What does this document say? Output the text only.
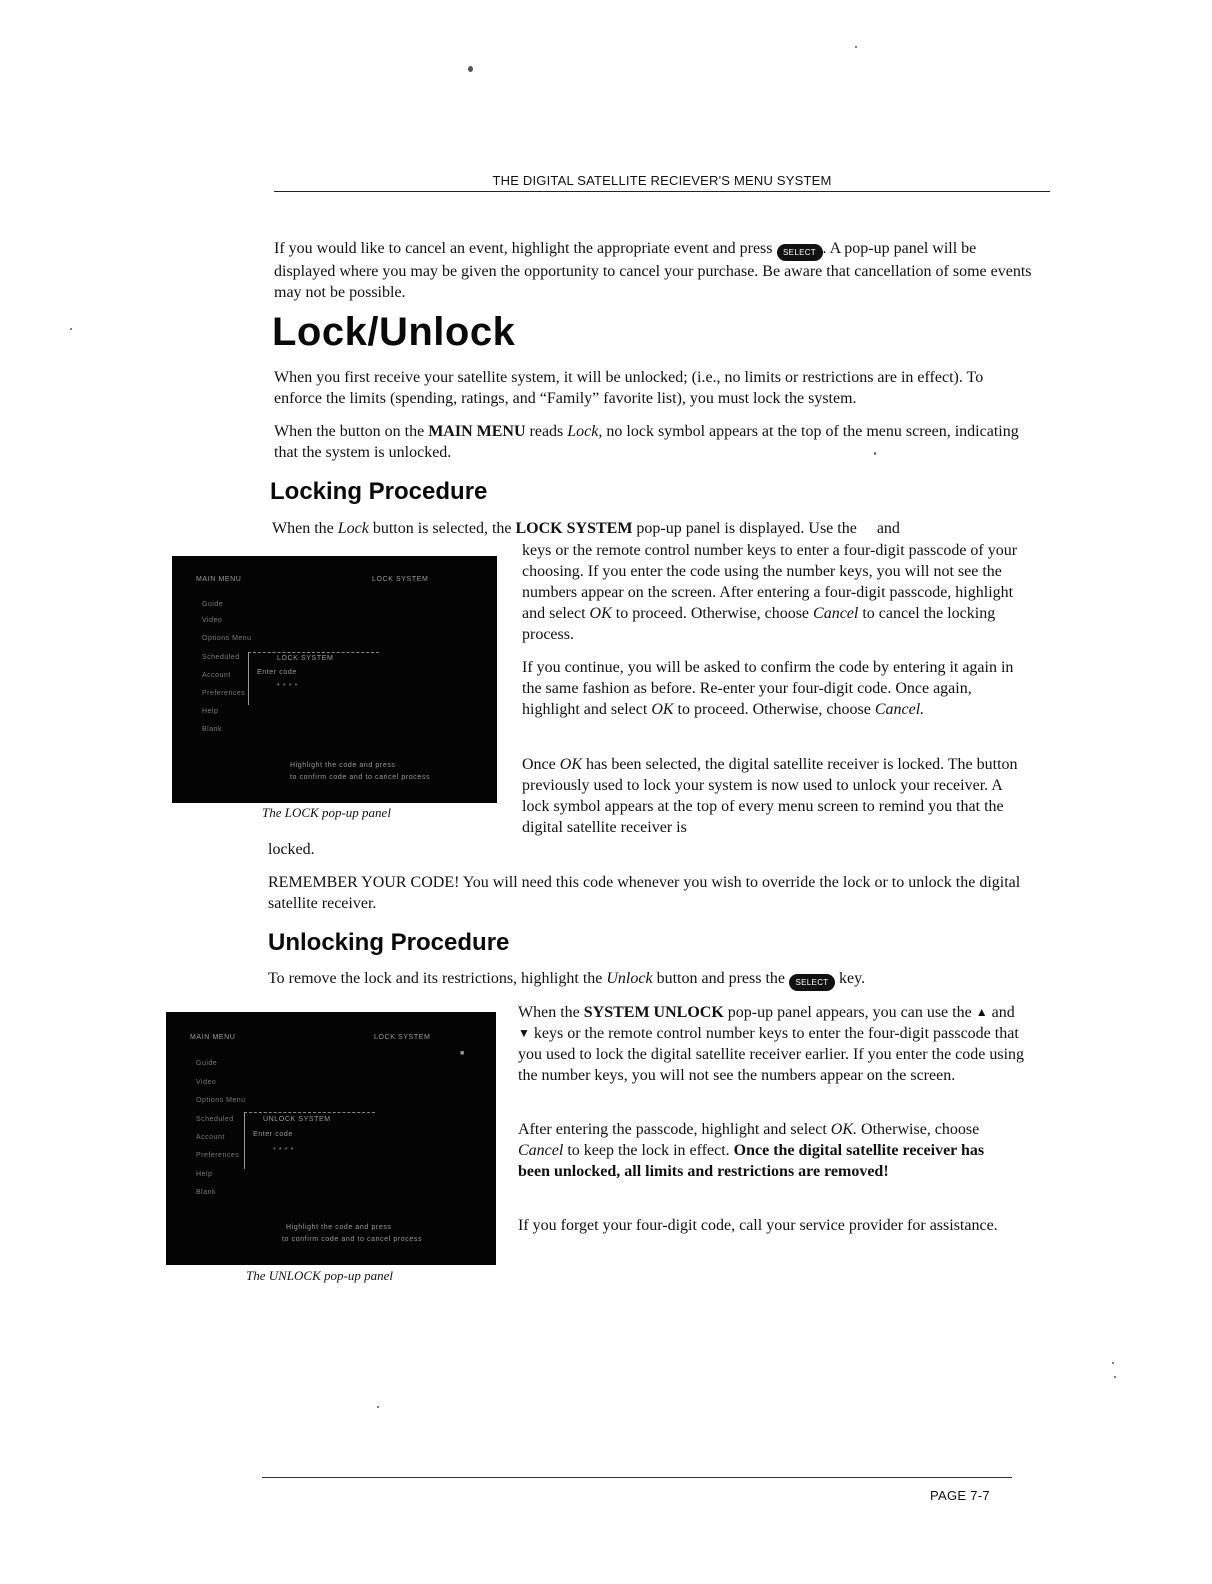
THE DIGITAL SATELLITE RECIEVER'S MENU SYSTEM
If you would like to cancel an event, highlight the appropriate event and press SELECT . A pop-up panel will be displayed where you may be given the opportunity to cancel your purchase. Be aware that cancellation of some events may not be possible.
Lock/Unlock
When you first receive your satellite system, it will be unlocked; (i.e., no limits or restrictions are in effect). To enforce the limits (spending, ratings, and “Family” favorite list), you must lock the system.
When the button on the MAIN MENU reads Lock, no lock symbol appears at the top of the menu screen, indicating that the system is unlocked.
Locking Procedure
When the Lock button is selected, the LOCK SYSTEM pop-up panel is displayed. Use the and
MAIN MENU	LOCK SYSTEM
Guide
Video
Options Menu
Scheduled
Account
Preferences
Help
Blank
LOCK SYSTEM
Enter code
* * * *
Highlight the code and press
to confirm code and to cancel process
The LOCK pop-up panel
keys or the remote control number keys to enter a four-digit passcode of your choosing. If you enter the code using the number keys, you will not see the numbers appear on the screen. After entering a four-digit passcode, highlight and select OK to proceed. Otherwise, choose Cancel to cancel the locking process.
If you continue, you will be asked to confirm the code by entering it again in the same fashion as before. Re-enter your four-digit code. Once again, highlight and select OK to proceed. Otherwise, choose Cancel.
Once OK has been selected, the digital satellite receiver is locked. The button previously used to lock your system is now used to unlock your receiver. A lock symbol appears at the top of every menu screen to remind you that the digital satellite receiver is
locked.
REMEMBER YOUR CODE! You will need this code whenever you wish to override the lock or to unlock the digital satellite receiver.
Unlocking Procedure
To remove the lock and its restrictions, highlight the Unlock button and press the SELECT key.
MAIN MENU	LOCK SYSTEM
■
Guide
Video
Options Menu
Scheduled
Account
Preferences
Help
Blank
UNLOCK SYSTEM
Enter code
* * * *
Highlight the code and press
to confirm code and to cancel process
The UNLOCK pop-up panel
When the SYSTEM UNLOCK pop-up panel appears, you can use the ▲ and ▼ keys or the remote control number keys to enter the four-digit passcode that you used to lock the digital satellite receiver earlier. If you enter the code using the number keys, you will not see the numbers appear on the screen.
After entering the passcode, highlight and select OK. Otherwise, choose Cancel to keep the lock in effect. Once the digital satellite receiver has been unlocked, all limits and restrictions are removed!
If you forget your four-digit code, call your service provider for assistance.
PAGE 7-7
